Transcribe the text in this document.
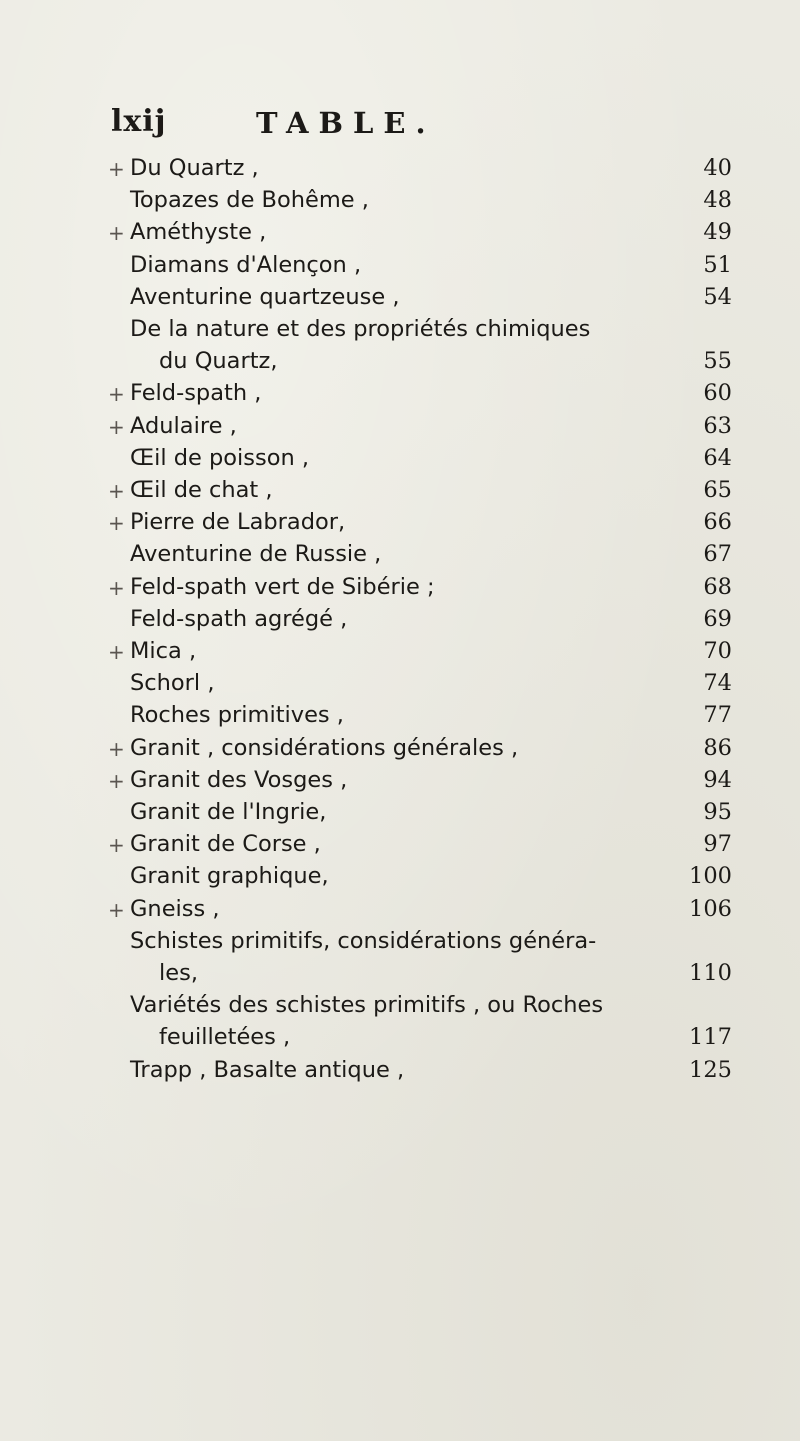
lxij	TABLE.
+ Du Quartz ,	40
Topazes de Bohême ,	48
+ Améthyste ,	49
Diamans d'Alençon ,	51
Aventurine quartzeuse ,	54
De la nature et des propriétés chimiques
du Quartz,	55
+ Feld-spath ,	60
+ Adulaire ,	63
Œil de poisson ,	64
+ Œil de chat ,	65
+ Pierre de Labrador,	66
Aventurine de Russie ,	67
+ Feld-spath vert de Sibérie ;	68
Feld-spath agrégé ,	69
+ Mica ,	70
Schorl ,	74
Roches primitives ,	77
+ Granit , considérations générales ,	86
+ Granit des Vosges ,	94
Granit de l'Ingrie,	95
+ Granit de Corse ,	97
Granit graphique,	100
+ Gneiss ,	106
Schistes primitifs, considérations généra-
les,	110
Variétés des schistes primitifs , ou Roches
feuilletées ,	117
Trapp , Basalte antique ,	125
